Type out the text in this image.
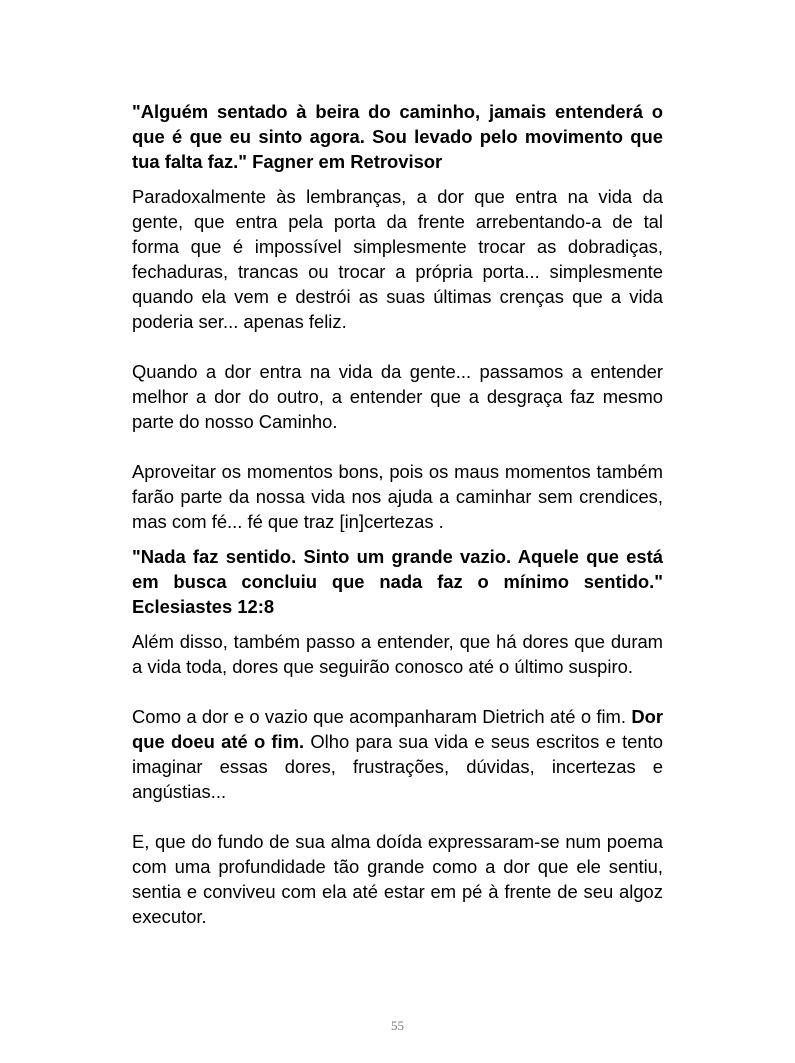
"Alguém sentado à beira do caminho, jamais entenderá o que é que eu sinto agora. Sou levado pelo movimento que tua falta faz." Fagner em Retrovisor

Paradoxalmente às lembranças, a dor que entra na vida da gente, que entra pela porta da frente arrebentando-a de tal forma que é impossível simplesmente trocar as dobradiças, fechaduras, trancas ou trocar a própria porta... simplesmente quando ela vem e destrói as suas últimas crenças que a vida poderia ser... apenas feliz.

Quando a dor entra na vida da gente... passamos a entender melhor a dor do outro, a entender que a desgraça faz mesmo parte do nosso Caminho.

Aproveitar os momentos bons, pois os maus momentos também farão parte da nossa vida nos ajuda a caminhar sem crendices, mas com fé... fé que traz [in]certezas .

"Nada faz sentido. Sinto um grande vazio. Aquele que está em busca concluiu que nada faz o mínimo sentido." Eclesiastes 12:8

Além disso, também passo a entender, que há dores que duram a vida toda, dores que seguirão conosco até o último suspiro.

Como a dor e o vazio que acompanharam Dietrich até o fim. Dor que doeu até o fim. Olho para sua vida e seus escritos e tento imaginar essas dores, frustrações, dúvidas, incertezas e angústias...

E, que do fundo de sua alma doída expressaram-se num poema com uma profundidade tão grande como a dor que ele sentiu, sentia e conviveu com ela até estar em pé à frente de seu algoz executor.

55
